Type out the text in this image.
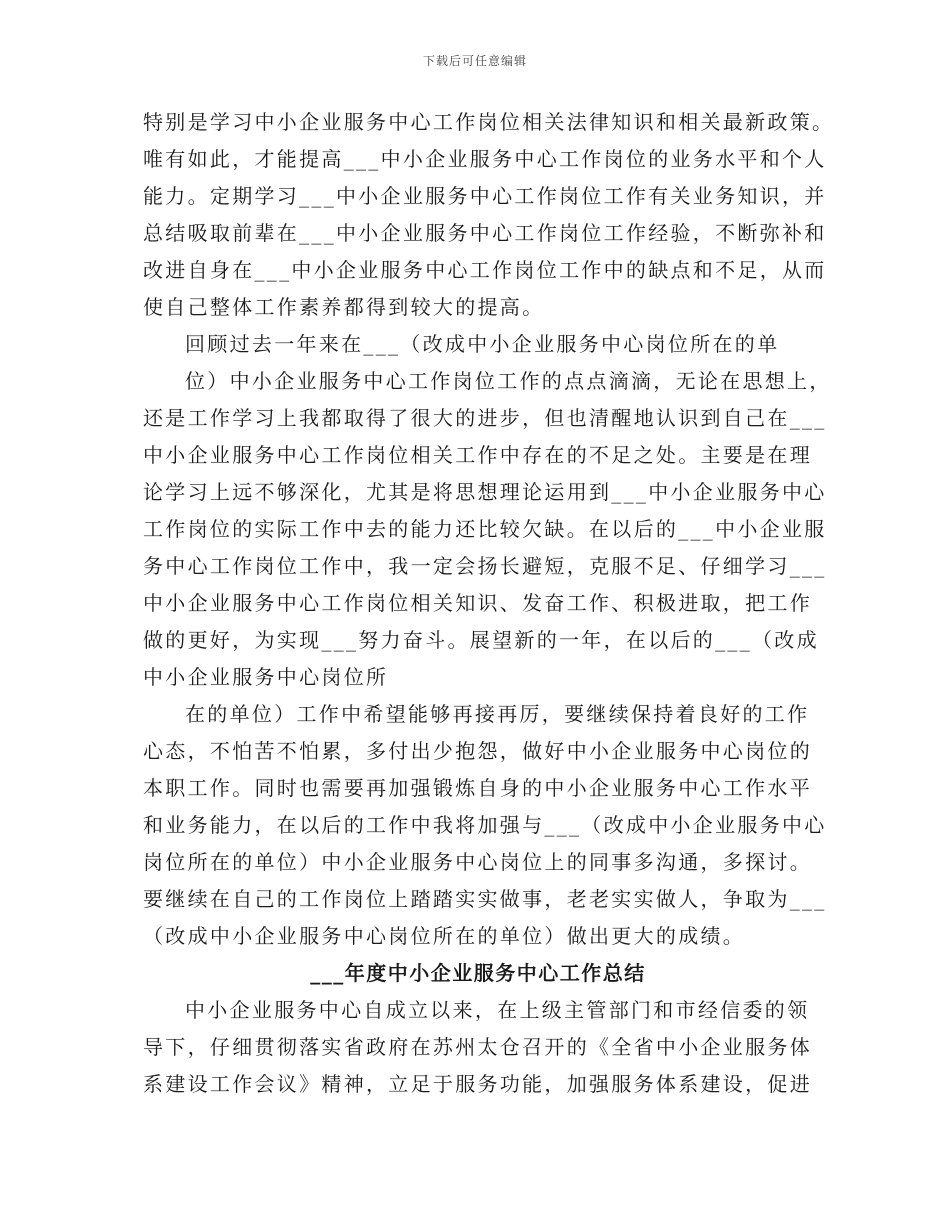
下载后可任意编辑
特别是学习中小企业服务中心工作岗位相关法律知识和相关最新政策。
唯有如此，才能提高___中小企业服务中心工作岗位的业务水平和个人
能力。定期学习___中小企业服务中心工作岗位工作有关业务知识，并
总结吸取前辈在___中小企业服务中心工作岗位工作经验，不断弥补和
改进自身在___中小企业服务中心工作岗位工作中的缺点和不足，从而
使自己整体工作素养都得到较大的提高。
回顾过去一年来在___（改成中小企业服务中心岗位所在的单
位）中小企业服务中心工作岗位工作的点点滴滴，无论在思想上，
还是工作学习上我都取得了很大的进步，但也清醒地认识到自己在___
中小企业服务中心工作岗位相关工作中存在的不足之处。主要是在理
论学习上远不够深化，尤其是将思想理论运用到___中小企业服务中心
工作岗位的实际工作中去的能力还比较欠缺。在以后的___中小企业服
务中心工作岗位工作中，我一定会扬长避短，克服不足、仔细学习___
中小企业服务中心工作岗位相关知识、发奋工作、积极进取，把工作
做的更好，为实现___努力奋斗。展望新的一年，在以后的___（改成
中小企业服务中心岗位所
在的单位）工作中希望能够再接再厉，要继续保持着良好的工作
心态，不怕苦不怕累，多付出少抱怨，做好中小企业服务中心岗位的
本职工作。同时也需要再加强锻炼自身的中小企业服务中心工作水平
和业务能力，在以后的工作中我将加强与___（改成中小企业服务中心
岗位所在的单位）中小企业服务中心岗位上的同事多沟通，多探讨。
要继续在自己的工作岗位上踏踏实实做事，老老实实做人，争取为___
（改成中小企业服务中心岗位所在的单位）做出更大的成绩。
___年度中小企业服务中心工作总结
中小企业服务中心自成立以来，在上级主管部门和市经信委的领
导下，仔细贯彻落实省政府在苏州太仓召开的《全省中小企业服务体
系建设工作会议》精神，立足于服务功能，加强服务体系建设，促进
